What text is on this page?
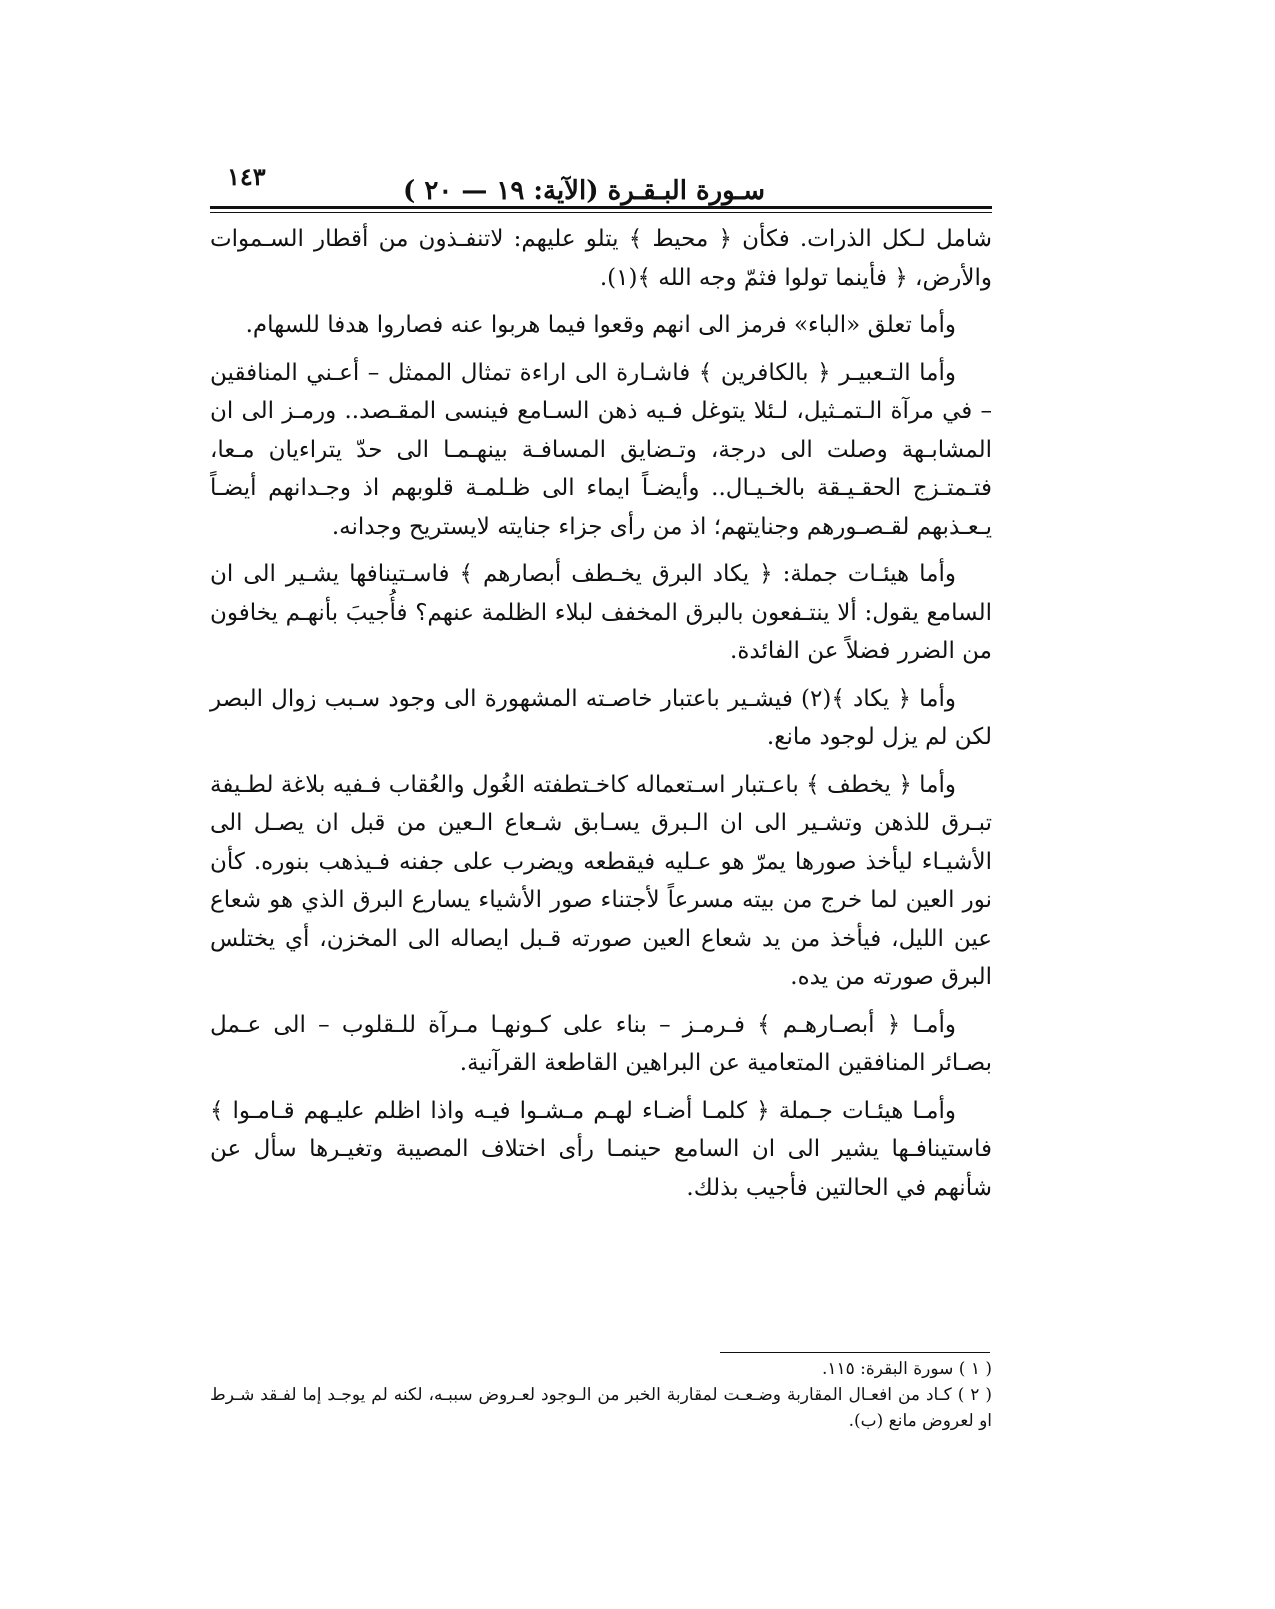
١٤٣	سـورة البـقـرة (الآية: ١٩ — ٢٠ )

شامل لـكل الذرات. فكأن ﴿ محيط ﴾ يتلو عليهم: لاتنفـذون من أقطار السـموات والأرض، ﴿ فأينما تولوا فثمّ وجه الله ﴾(١).

وأما تعلق «الباء» فرمز الى انهم وقعوا فيما هربوا عنه فصاروا هدفا للسهام.

وأما التـعبيـر ﴿ بالكافرين ﴾ فاشـارة الى اراءة تمثال الممثل – أعـني المنافقين – في مرآة الـتمـثيل، لـئلا يتوغل فـيه ذهن السـامع فينسى المقـصد.. ورمـز الى ان المشابـهة وصلت الى درجة، وتـضايق المسافـة بينهـمـا الى حدّ يتراءيان مـعا، فتـمتـزج الحقـيـقة بالخـيـال.. وأيضـاً ايماء الى ظـلمـة قلوبهم اذ وجـدانهم أيضـاً يـعـذبهم لقـصـورهم وجنايتهم؛ اذ من رأى جزاء جنايته لايستريح وجدانه.

وأما هيئـات جملة: ﴿ يكاد البرق يخـطف أبصارهم ﴾ فاسـتينافها يشـير الى ان السامع يقول: ألا ينتـفعون بالبرق المخفف لبلاء الظلمة عنهم؟ فأُجيبَ بأنهـم يخافون من الضرر فضلاً عن الفائدة.

وأما ﴿ يكاد ﴾(٢) فيشـير باعتبار خاصـته المشهورة الى وجود سـبب زوال البصر لكن لم يزل لوجود مانع.

وأما ﴿ يخطف ﴾ باعـتبار اسـتعماله كاخـتطفته الغُول والعُقاب فـفيه بلاغة لطـيفة تبـرق للذهن وتشـير الى ان الـبرق يسـابق شـعاع الـعين من قبل ان يصـل الى الأشيـاء ليأخذ صورها يمرّ هو عـليه فيقطعه ويضرب على جفنه فـيذهب بنوره. كأن نور العين لما خرج من بيته مسرعاً لأجتناء صور الأشياء يسارع البرق الذي هو شعاع عين الليل، فيأخذ من يد شعاع العين صورته قـبل ايصاله الى المخزن، أي يختلس البرق صورته من يده.

وأمـا ﴿ أبصـارهـم ﴾ فـرمـز – بناء على كـونهـا مـرآة للـقلوب – الى عـمل بصـائر المنافقين المتعامية عن البراهين القاطعة القرآنية.

وأمـا هيئـات جـملة ﴿ كلمـا أضـاء لهـم مـشـوا فيـه واذا اظلم عليـهم قـامـوا ﴾ فاستينافـها يشير الى ان السامع حينمـا رأى اختلاف المصيبة وتغيـرها سأل عن شأنهم في الحالتين فأجيب بذلك.

( ١ ) سورة البقرة: ١١٥.

( ٢ ) كـاد من افعـال المقاربة وضـعـت لمقاربة الخبر من الـوجود لعـروض سببـه، لكنه لم يوجـد إما لفـقد شـرط او لعروض مانع (ب).
